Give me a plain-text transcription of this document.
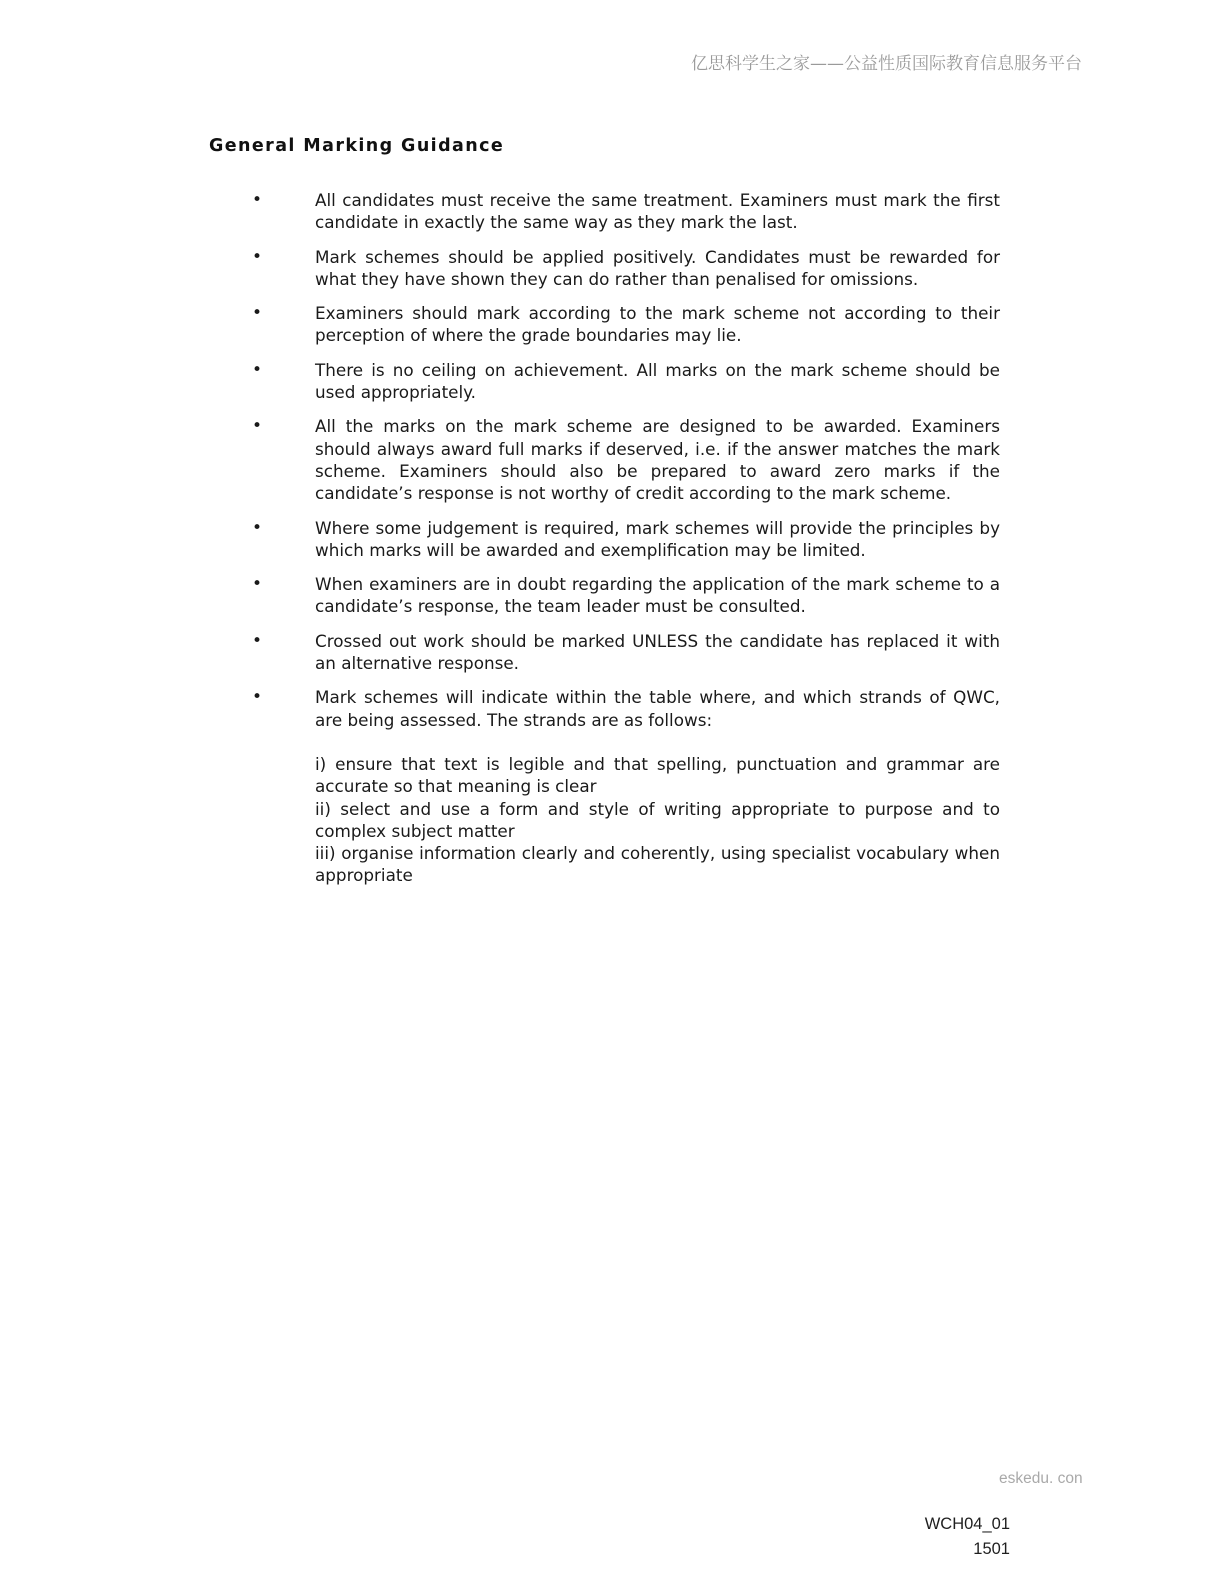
亿思科学生之家——公益性质国际教育信息服务平台
General Marking Guidance
•	All candidates must receive the same treatment. Examiners must mark the first candidate in exactly the same way as they mark the last.
•	Mark schemes should be applied positively. Candidates must be rewarded for what they have shown they can do rather than penalised for omissions.
•	Examiners should mark according to the mark scheme not according to their perception of where the grade boundaries may lie.
•	There is no ceiling on achievement. All marks on the mark scheme should be used appropriately.
•	All the marks on the mark scheme are designed to be awarded. Examiners should always award full marks if deserved, i.e. if the answer matches the mark scheme. Examiners should also be prepared to award zero marks if the candidate’s response is not worthy of credit according to the mark scheme.
•	Where some judgement is required, mark schemes will provide the principles by which marks will be awarded and exemplification may be limited.
•	When examiners are in doubt regarding the application of the mark scheme to a candidate’s response, the team leader must be consulted.
•	Crossed out work should be marked UNLESS the candidate has replaced it with an alternative response.
•	Mark schemes will indicate within the table where, and which strands of QWC, are being assessed. The strands are as follows:

i) ensure that text is legible and that spelling, punctuation and grammar are accurate so that meaning is clear

ii) select and use a form and style of writing appropriate to purpose and to complex subject matter

iii) organise information clearly and coherently, using specialist vocabulary when appropriate

eskedu. con
WCH04_01
1501
